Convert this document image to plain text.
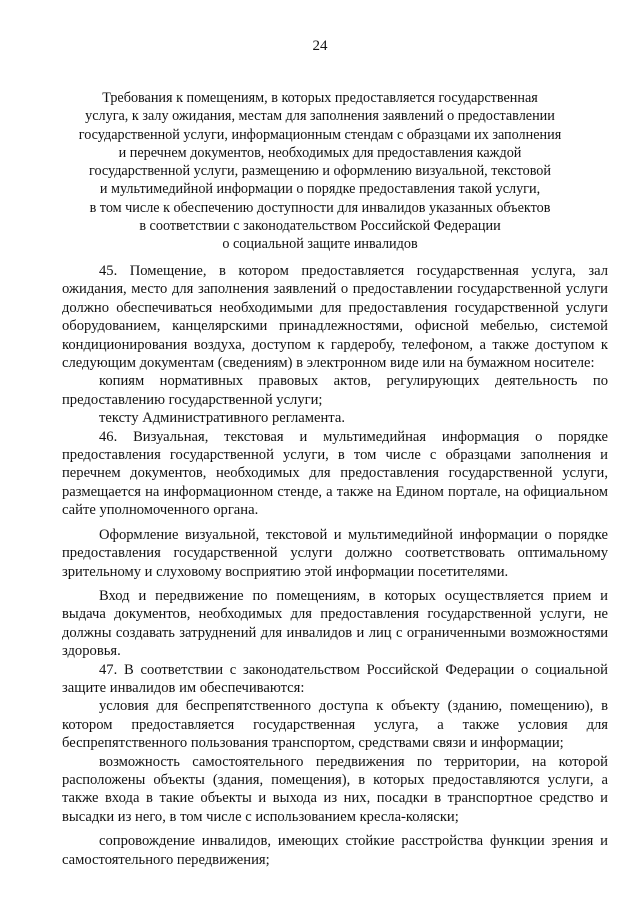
24
Требования к помещениям, в которых предоставляется государственная
услуга, к залу ожидания, местам для заполнения заявлений о предоставлении
государственной услуги, информационным стендам с образцами их заполнения
и перечнем документов, необходимых для предоставления каждой
государственной услуги, размещению и оформлению визуальной, текстовой
и мультимедийной информации о порядке предоставления такой услуги,
в том числе к обеспечению доступности для инвалидов указанных объектов
в соответствии с законодательством Российской Федерации
о социальной защите инвалидов

45. Помещение, в котором предоставляется государственная услуга, зал ожидания, место для заполнения заявлений о предоставлении государственной услуги должно обеспечиваться необходимыми для предоставления государственной услуги оборудованием, канцелярскими принадлежностями, офисной мебелью, системой кондиционирования воздуха, доступом к гардеробу, телефоном, а также доступом к следующим документам (сведениям) в электронном виде или на бумажном носителе:

копиям нормативных правовых актов, регулирующих деятельность по предоставлению государственной услуги;

тексту Административного регламента.

46. Визуальная, текстовая и мультимедийная информация о порядке предоставления государственной услуги, в том числе с образцами заполнения и перечнем документов, необходимых для предоставления государственной услуги, размещается на информационном стенде, а также на Едином портале, на официальном сайте уполномоченного органа.

Оформление визуальной, текстовой и мультимедийной информации о порядке предоставления государственной услуги должно соответствовать оптимальному зрительному и слуховому восприятию этой информации посетителями.

Вход и передвижение по помещениям, в которых осуществляется прием и выдача документов, необходимых для предоставления государственной услуги, не должны создавать затруднений для инвалидов и лиц с ограниченными возможностями здоровья.

47. В соответствии с законодательством Российской Федерации о социальной защите инвалидов им обеспечиваются:

условия для беспрепятственного доступа к объекту (зданию, помещению), в котором предоставляется государственная услуга, а также условия для беспрепятственного пользования транспортом, средствами связи и информации;

возможность самостоятельного передвижения по территории, на которой расположены объекты (здания, помещения), в которых предоставляются услуги, а также входа в такие объекты и выхода из них, посадки в транспортное средство и высадки из него, в том числе с использованием кресла-коляски;

сопровождение инвалидов, имеющих стойкие расстройства функции зрения и самостоятельного передвижения;
